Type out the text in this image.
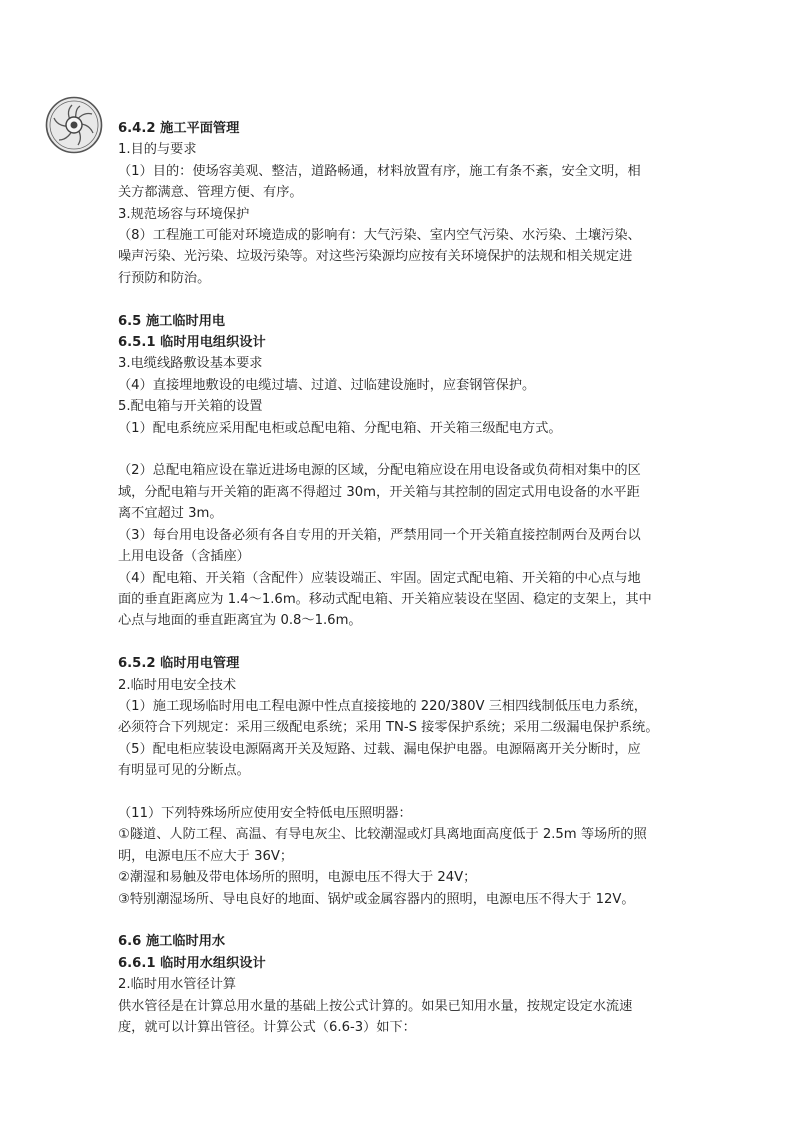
6.4.2 施工平面管理
1.目的与要求
（1）目的：使场容美观、整洁，道路畅通，材料放置有序，施工有条不紊，安全文明，相
关方都满意、管理方便、有序。
3.规范场容与环境保护
（8）工程施工可能对环境造成的影响有：大气污染、室内空气污染、水污染、土壤污染、
噪声污染、光污染、垃圾污染等。对这些污染源均应按有关环境保护的法规和相关规定进
行预防和防治。
6.5 施工临时用电
6.5.1 临时用电组织设计
3.电缆线路敷设基本要求
（4）直接埋地敷设的电缆过墙、过道、过临建设施时，应套钢管保护。
5.配电箱与开关箱的设置
（1）配电系统应采用配电柜或总配电箱、分配电箱、开关箱三级配电方式。
（2）总配电箱应设在靠近进场电源的区域，分配电箱应设在用电设备或负荷相对集中的区
域，分配电箱与开关箱的距离不得超过 30m，开关箱与其控制的固定式用电设备的水平距
离不宜超过 3m。
（3）每台用电设备必须有各自专用的开关箱，严禁用同一个开关箱直接控制两台及两台以
上用电设备（含插座）
（4）配电箱、开关箱（含配件）应装设端正、牢固。固定式配电箱、开关箱的中心点与地
面的垂直距离应为 1.4～1.6m。移动式配电箱、开关箱应装设在坚固、稳定的支架上，其中
心点与地面的垂直距离宜为 0.8～1.6m。
6.5.2 临时用电管理
2.临时用电安全技术
（1）施工现场临时用电工程电源中性点直接接地的 220/380V 三相四线制低压电力系统，
必须符合下列规定：采用三级配电系统；采用 TN-S 接零保护系统；采用二级漏电保护系统。
（5）配电柜应装设电源隔离开关及短路、过载、漏电保护电器。电源隔离开关分断时，应
有明显可见的分断点。
（11）下列特殊场所应使用安全特低电压照明器：
①隧道、人防工程、高温、有导电灰尘、比较潮湿或灯具离地面高度低于 2.5m 等场所的照
明，电源电压不应大于 36V；
②潮湿和易触及带电体场所的照明，电源电压不得大于 24V；
③特别潮湿场所、导电良好的地面、锅炉或金属容器内的照明，电源电压不得大于 12V。
6.6 施工临时用水
6.6.1 临时用水组织设计
2.临时用水管径计算
供水管径是在计算总用水量的基础上按公式计算的。如果已知用水量，按规定设定水流速
度，就可以计算出管径。计算公式（6.6-3）如下：
